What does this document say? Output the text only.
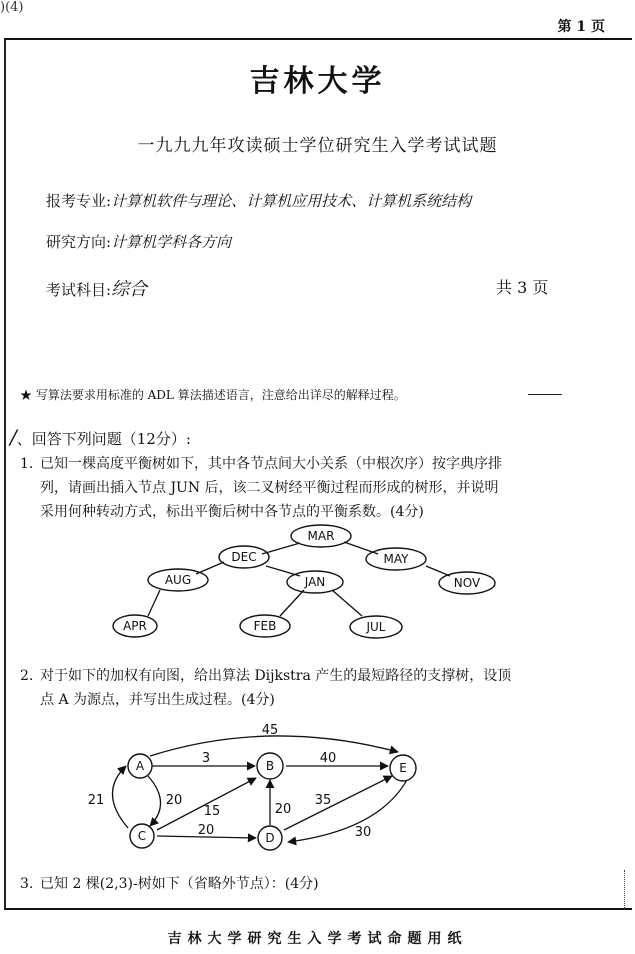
)(4)
第 1 页
吉林大学
一九九九年攻读硕士学位研究生入学考试试题
报考专业:计算机软件与理论、计算机应用技术、计算机系统结构
研究方向:计算机学科各方向
考试科目:综合	共 3 页
★ 写算法要求用标准的 ADL 算法描述语言，注意给出详尽的解释过程。
/、回答下列问题（12分）:
1. 已知一棵高度平衡树如下，其中各节点间大小关系（中根次序）按字典序排
列，请画出插入节点 JUN 后，该二叉树经平衡过程而形成的树形，并说明
采用何种转动方式，标出平衡后树中各节点的平衡系数。(4分)
MAR
DEC	MAY
AUG	JAN	NOV
APR	FEB	JUL
2. 对于如下的加权有向图，给出算法 Dijkstra 产生的最短路径的支撑树，设顶
点 A 为源点，并写出生成过程。(4分)
A	B
C	D
E
45
3	40
21	20
15
20
20
35
30
3. 已知 2 棵(2,3)-树如下（省略外节点）：(4分)
吉林大学研究生入学考试命题用纸
